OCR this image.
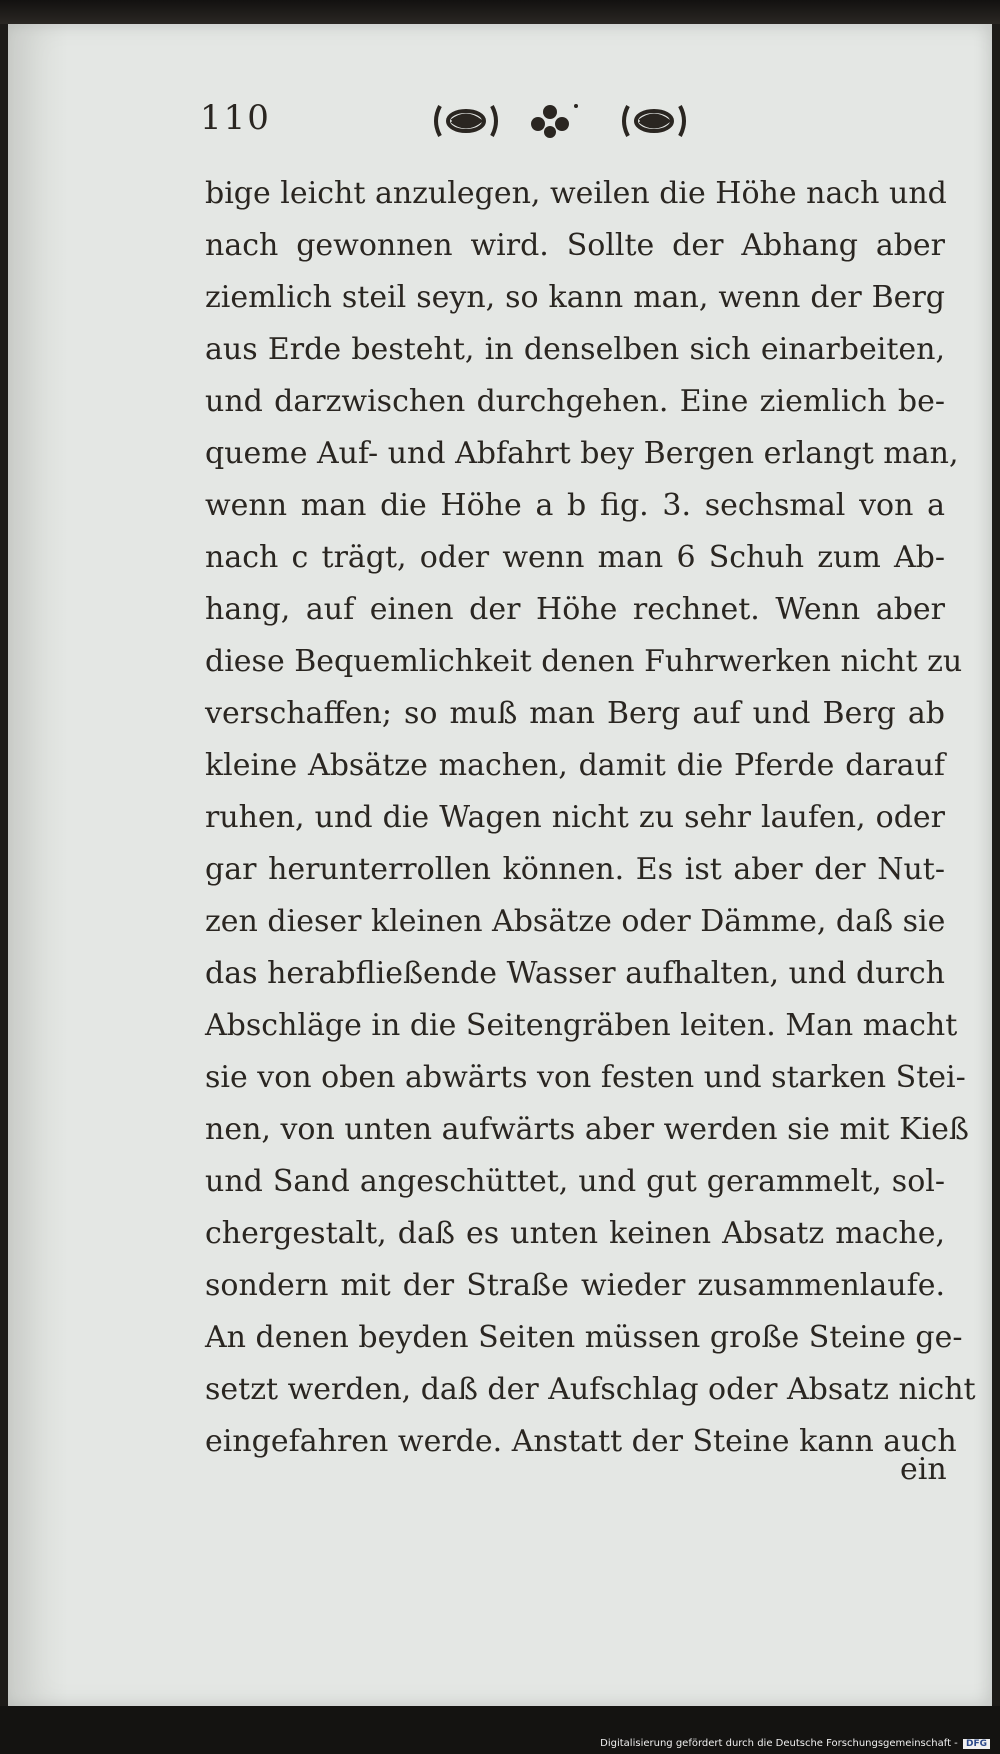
110
bige leicht anzulegen, weilen die Höhe nach und
nach gewonnen wird. Sollte der Abhang aber
ziemlich steil seyn, so kann man, wenn der Berg
aus Erde besteht, in denselben sich einarbeiten,
und darzwischen durchgehen. Eine ziemlich be-
queme Auf- und Abfahrt bey Bergen erlangt man,
wenn man die Höhe a b fig. 3. sechsmal von a
nach c trägt, oder wenn man 6 Schuh zum Ab-
hang, auf einen der Höhe rechnet. Wenn aber
diese Bequemlichkeit denen Fuhrwerken nicht zu
verschaffen; so muß man Berg auf und Berg ab
kleine Absätze machen, damit die Pferde darauf
ruhen, und die Wagen nicht zu sehr laufen, oder
gar herunterrollen können. Es ist aber der Nut-
zen dieser kleinen Absätze oder Dämme, daß sie
das herabfließende Wasser aufhalten, und durch
Abschläge in die Seitengräben leiten. Man macht
sie von oben abwärts von festen und starken Stei-
nen, von unten aufwärts aber werden sie mit Kieß
und Sand angeschüttet, und gut gerammelt, sol-
chergestalt, daß es unten keinen Absatz mache,
sondern mit der Straße wieder zusammenlaufe.
An denen beyden Seiten müssen große Steine ge-
setzt werden, daß der Aufschlag oder Absatz nicht
eingefahren werde. Anstatt der Steine kann auch
ein
Digitalisierung gefördert durch die Deutsche Forschungsgemeinschaft - DFG
